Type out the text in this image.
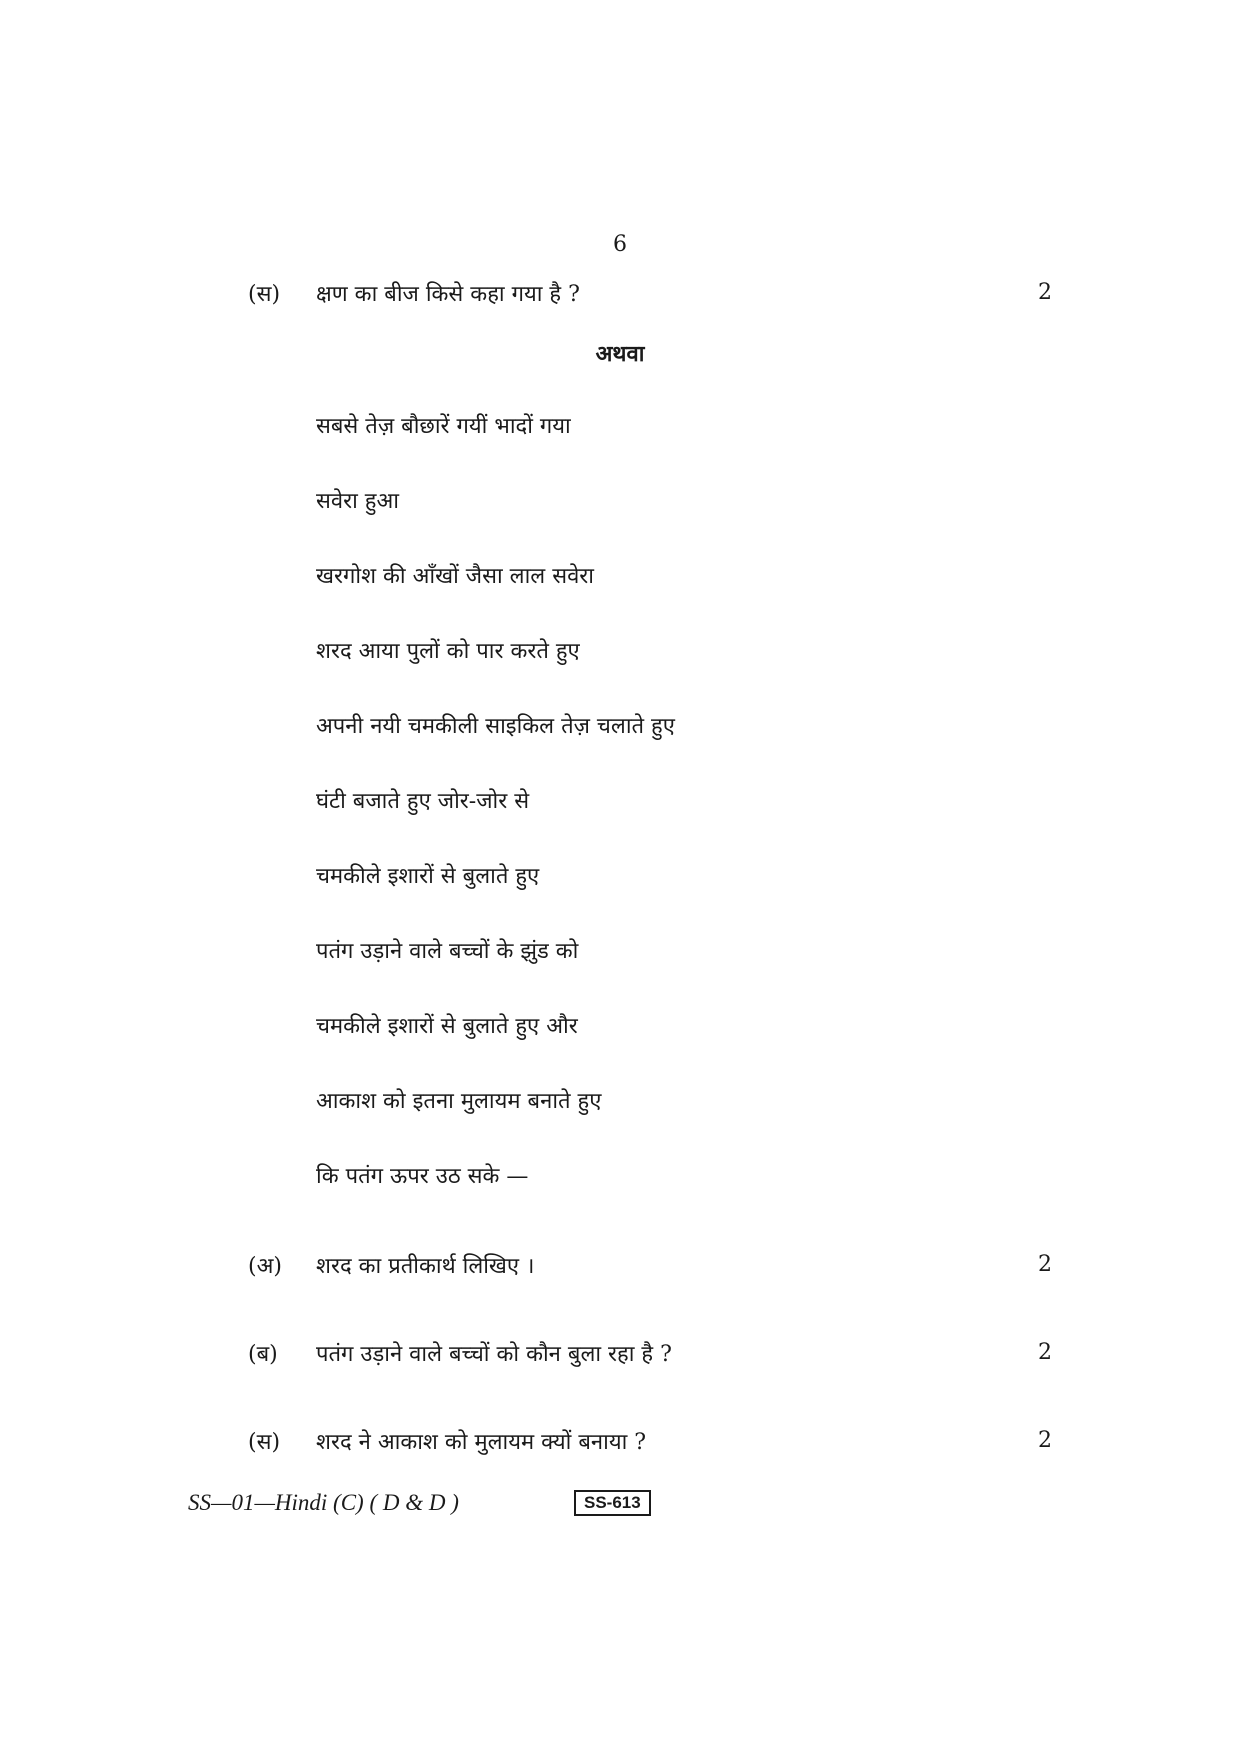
6
(स) क्षण का बीज किसे कहा गया है ?	2
अथवा
सबसे तेज़ बौछारें गयीं भादों गया
सवेरा हुआ
खरगोश की आँखों जैसा लाल सवेरा
शरद आया पुलों को पार करते हुए
अपनी नयी चमकीली साइकिल तेज़ चलाते हुए
घंटी बजाते हुए जोर-जोर से
चमकीले इशारों से बुलाते हुए
पतंग उड़ाने वाले बच्चों के झुंड को
चमकीले इशारों से बुलाते हुए और
आकाश को इतना मुलायम बनाते हुए
कि पतंग ऊपर उठ सके —
(अ) शरद का प्रतीकार्थ लिखिए ।	2
(ब) पतंग उड़ाने वाले बच्चों को कौन बुला रहा है ?	2
(स) शरद ने आकाश को मुलायम क्यों बनाया ?	2
SS—01—Hindi (C) ( D & D )	SS-613
